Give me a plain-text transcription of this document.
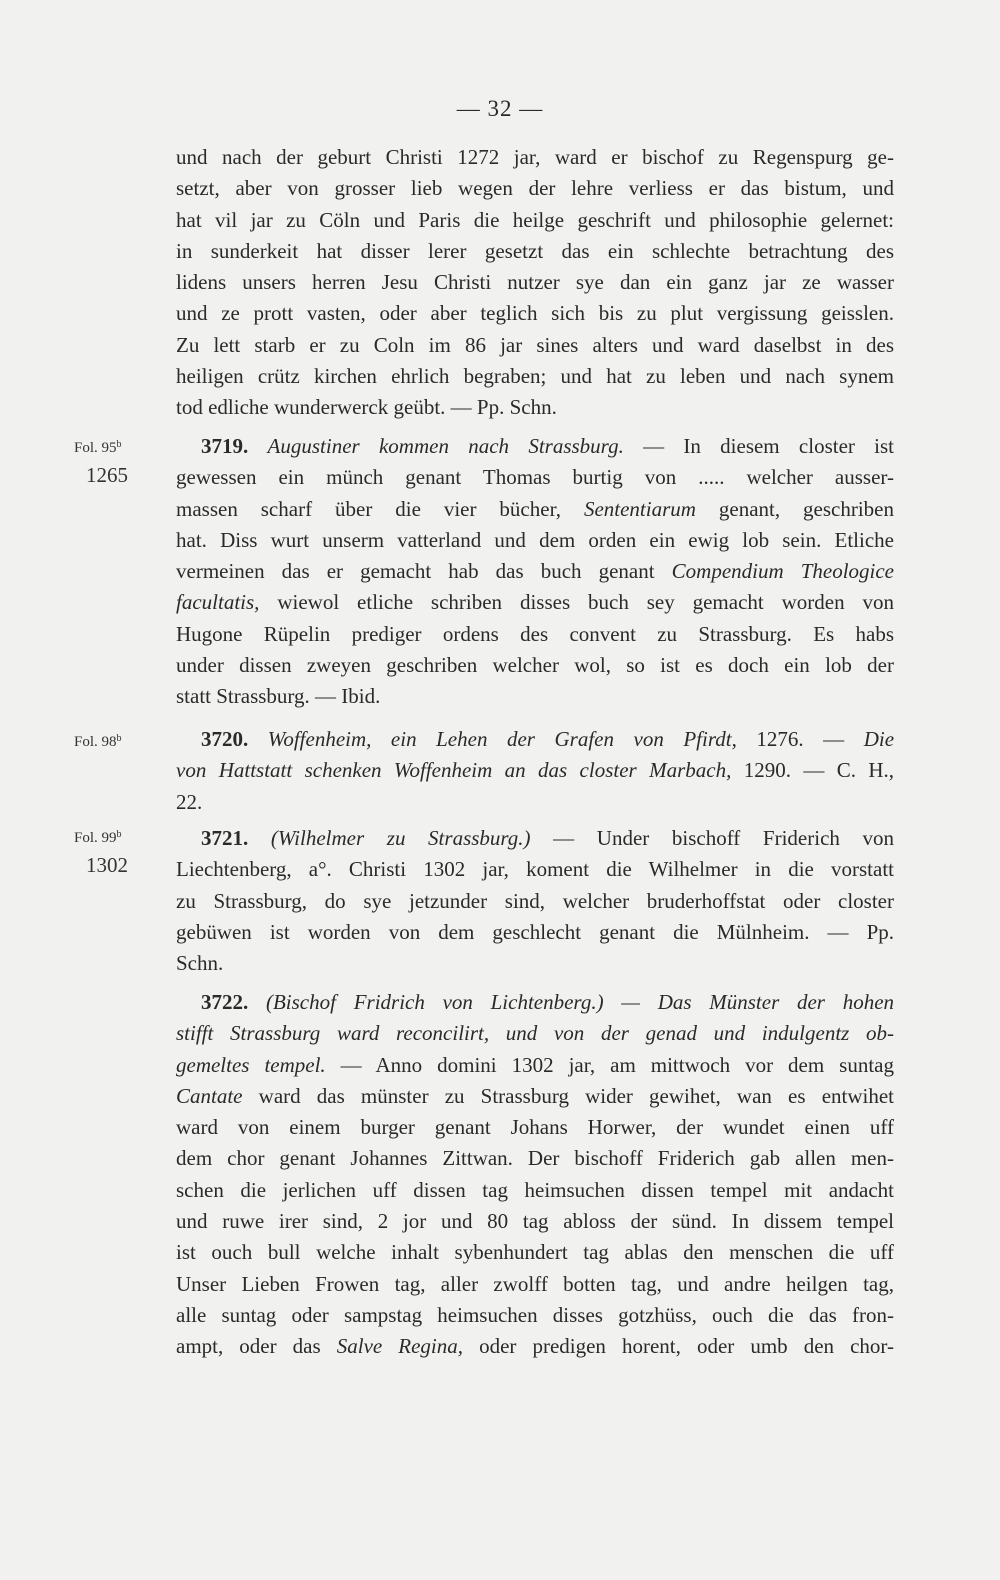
— 32 —
Fol. 95$^b$
1265
Fol. 98$^b$
Fol. 99$^b$
1302
und nach der geburt Christi 1272 jar, ward er bischof zu Regenspurg ge-
setzt, aber von grosser lieb wegen der lehre verliess er das bistum, und
hat vil jar zu Cöln und Paris die heilge geschrift und philosophie gelernet:
in sunderkeit hat disser lerer gesetzt das ein schlechte betrachtung des
lidens unsers herren Jesu Christi nutzer sye dan ein ganz jar ze wasser
und ze prott vasten, oder aber teglich sich bis zu plut vergissung geisslen.
Zu lett starb er zu Coln im 86 jar sines alters und ward daselbst in des
heiligen crütz kirchen ehrlich begraben; und hat zu leben und nach synem
tod edliche wunderwerck geübt. — Pp. Schn.
3719. Augustiner kommen nach Strassburg. — In diesem closter ist
gewessen ein münch genant Thomas burtig von ..... welcher ausser-
massen scharf über die vier bücher, Sententiarum genant, geschriben
hat. Diss wurt unserm vatterland und dem orden ein ewig lob sein. Etliche
vermeinen das er gemacht hab das buch genant Compendium Theologice
facultatis, wiewol etliche schriben disses buch sey gemacht worden von
Hugone Rüpelin prediger ordens des convent zu Strassburg. Es habs
under dissen zweyen geschriben welcher wol, so ist es doch ein lob der
statt Strassburg. — Ibid.
3720. Woffenheim, ein Lehen der Grafen von Pfirdt, 1276. — Die
von Hattstatt schenken Woffenheim an das closter Marbach, 1290. — C. H.,
22.
3721. (Wilhelmer zu Strassburg.) — Under bischoff Friderich von
Liechtenberg, a°. Christi 1302 jar, koment die Wilhelmer in die vorstatt
zu Strassburg, do sye jetzunder sind, welcher bruderhoffstat oder closter
gebüwen ist worden von dem geschlecht genant die Mülnheim. — Pp.
Schn.
3722. (Bischof Fridrich von Lichtenberg.) — Das Münster der hohen
stifft Strassburg ward reconcilirt, und von der genad und indulgentz ob-
gemeltes tempel. — Anno domini 1302 jar, am mittwoch vor dem suntag
Cantate ward das münster zu Strassburg wider gewihet, wan es entwihet
ward von einem burger genant Johans Horwer, der wundet einen uff
dem chor genant Johannes Zittwan. Der bischoff Friderich gab allen men-
schen die jerlichen uff dissen tag heimsuchen dissen tempel mit andacht
und ruwe irer sind, 2 jor und 80 tag abloss der sünd. In dissem tempel
ist ouch bull welche inhalt sybenhundert tag ablas den menschen die uff
Unser Lieben Frowen tag, aller zwolff botten tag, und andre heilgen tag,
alle suntag oder sampstag heimsuchen disses gotzhüss, ouch die das fron-
ampt, oder das Salve Regina, oder predigen horent, oder umb den chor-
